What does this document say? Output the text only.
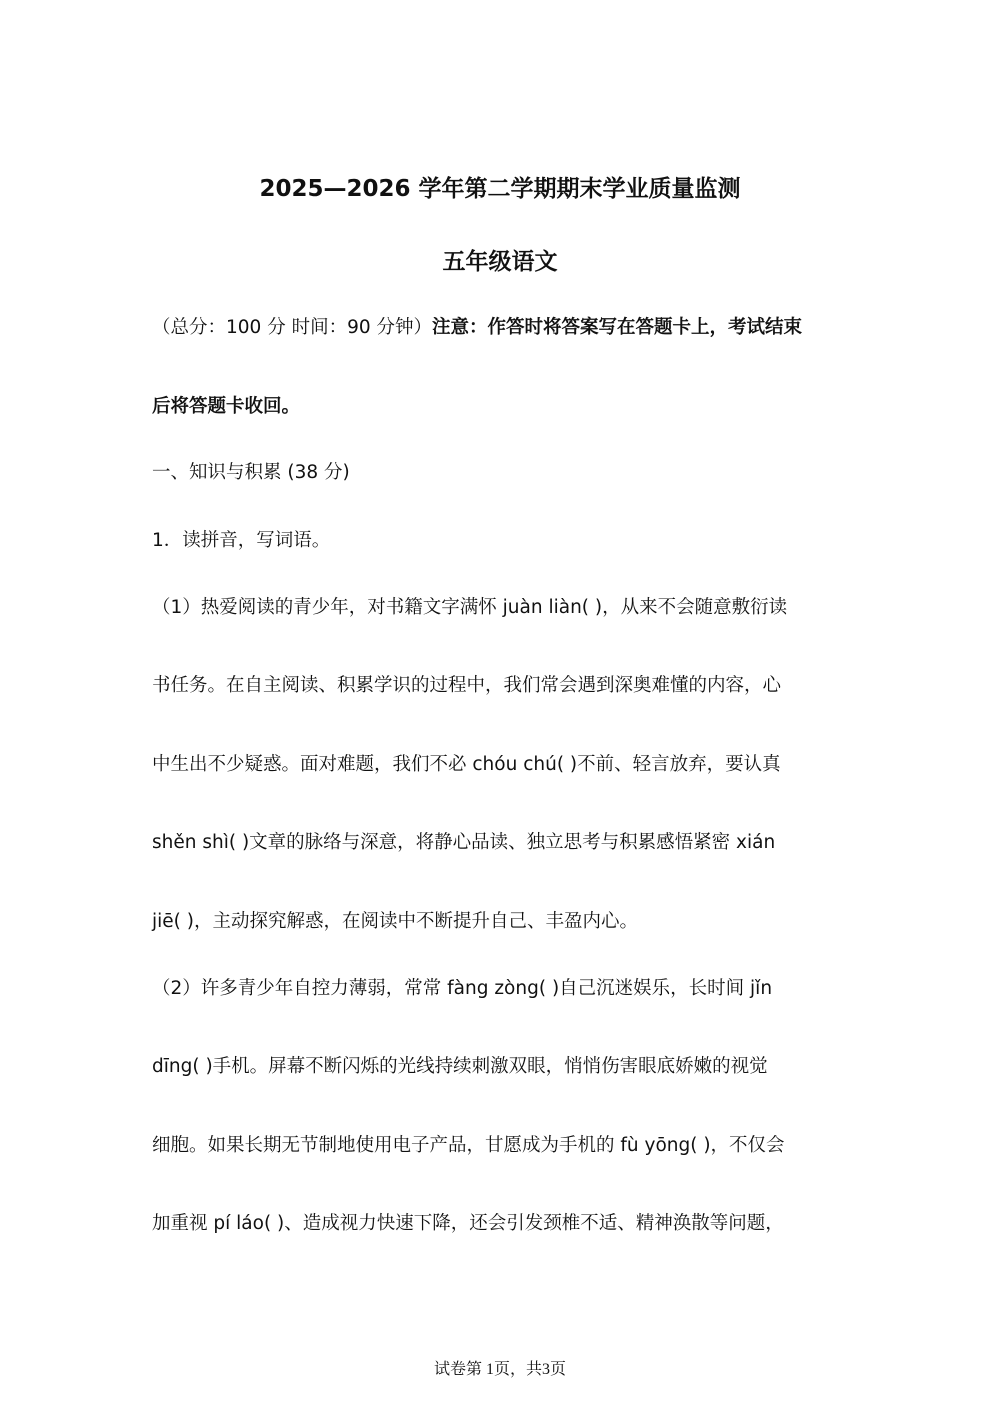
2025—2026 学年第二学期期末学业质量监测
五年级语文
（总分：100 分 时间：90 分钟）注意：作答时将答案写在答题卡上，考试结束
后将答题卡收回。
一、知识与积累 (38 分)
1．读拼音，写词语。
（1）热爱阅读的青少年，对书籍文字满怀 juàn liàn( )，从来不会随意敷衍读
书任务。在自主阅读、积累学识的过程中，我们常会遇到深奥难懂的内容，心
中生出不少疑惑。面对难题，我们不必 chóu chú( )不前、轻言放弃，要认真
shěn shì( )文章的脉络与深意，将静心品读、独立思考与积累感悟紧密 xián
jiē( )，主动探究解惑，在阅读中不断提升自己、丰盈内心。
（2）许多青少年自控力薄弱，常常 fàng zòng( )自己沉迷娱乐，长时间 jǐn
dīng( )手机。屏幕不断闪烁的光线持续刺激双眼，悄悄伤害眼底娇嫩的视觉
细胞。如果长期无节制地使用电子产品，甘愿成为手机的 fù yōng( )，不仅会
加重视 pí láo( )、造成视力快速下降，还会引发颈椎不适、精神涣散等问题，
试卷第 1页，共3页
